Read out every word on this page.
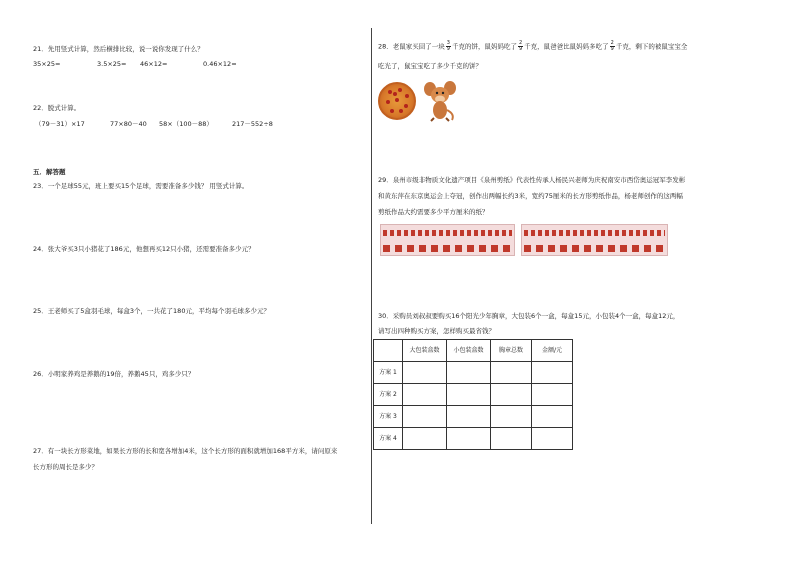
21．先用竖式计算，然后横排比较，说一说你发现了什么？
35×25=	3.5×25= 46×12=	0.46×12=
22．脱式计算。
（79－31）×17	77×80－40 58×（100－88）	217－552÷8
五．解答题
23．一个足球55元，班上要买15个足球，需要准备多少钱？ 用竖式计算。
24．张大爷买3只小猪花了186元，他想再买12只小猪，还需要准备多少元？
25．王老师买了5盒羽毛球，每盒3个，一共花了180元，平均每个羽毛球多少元？
26．小明家养鸡是养鹅的19倍，养鹅45只，鸡多少只？
27．有一块长方形菜地，如果长方形的长和宽各增加4米，这个长方形的面积就增加168平方米，请问原来
长方形的周长是多少？
28．老鼠家买回了一块 $\frac{3}{9}$ 千克的饼，鼠妈妈吃了 $\frac{2}{9}$ 千克，鼠爸爸比鼠妈妈多吃了 $\frac{2}{9}$ 千克，剩下的被鼠宝宝全
吃光了，鼠宝宝吃了多少千克的饼？
29．泉州市级非物质文化遗产项目《泉州剪纸》代表性传承人杨民兴老师为庆祝南安市西岱奥运冠军李发彬
和黄东萍在东京奥运会上夺冠，创作出两幅长约3米，宽约75厘米的长方形剪纸作品，杨老师创作的这两幅
剪纸作品大约需要多少平方厘米的纸？
30．采购员刘叔叔要购买16个阳光少年胸章，大包装6个一盒，每盒15元，小包装4个一盒，每盒12元，
请写出四种购买方案，怎样购买最省钱？
	大包装盒数	小包装盒数	胸章总数	金额/元
方案 1				
方案 2				
方案 3				
方案 4				
